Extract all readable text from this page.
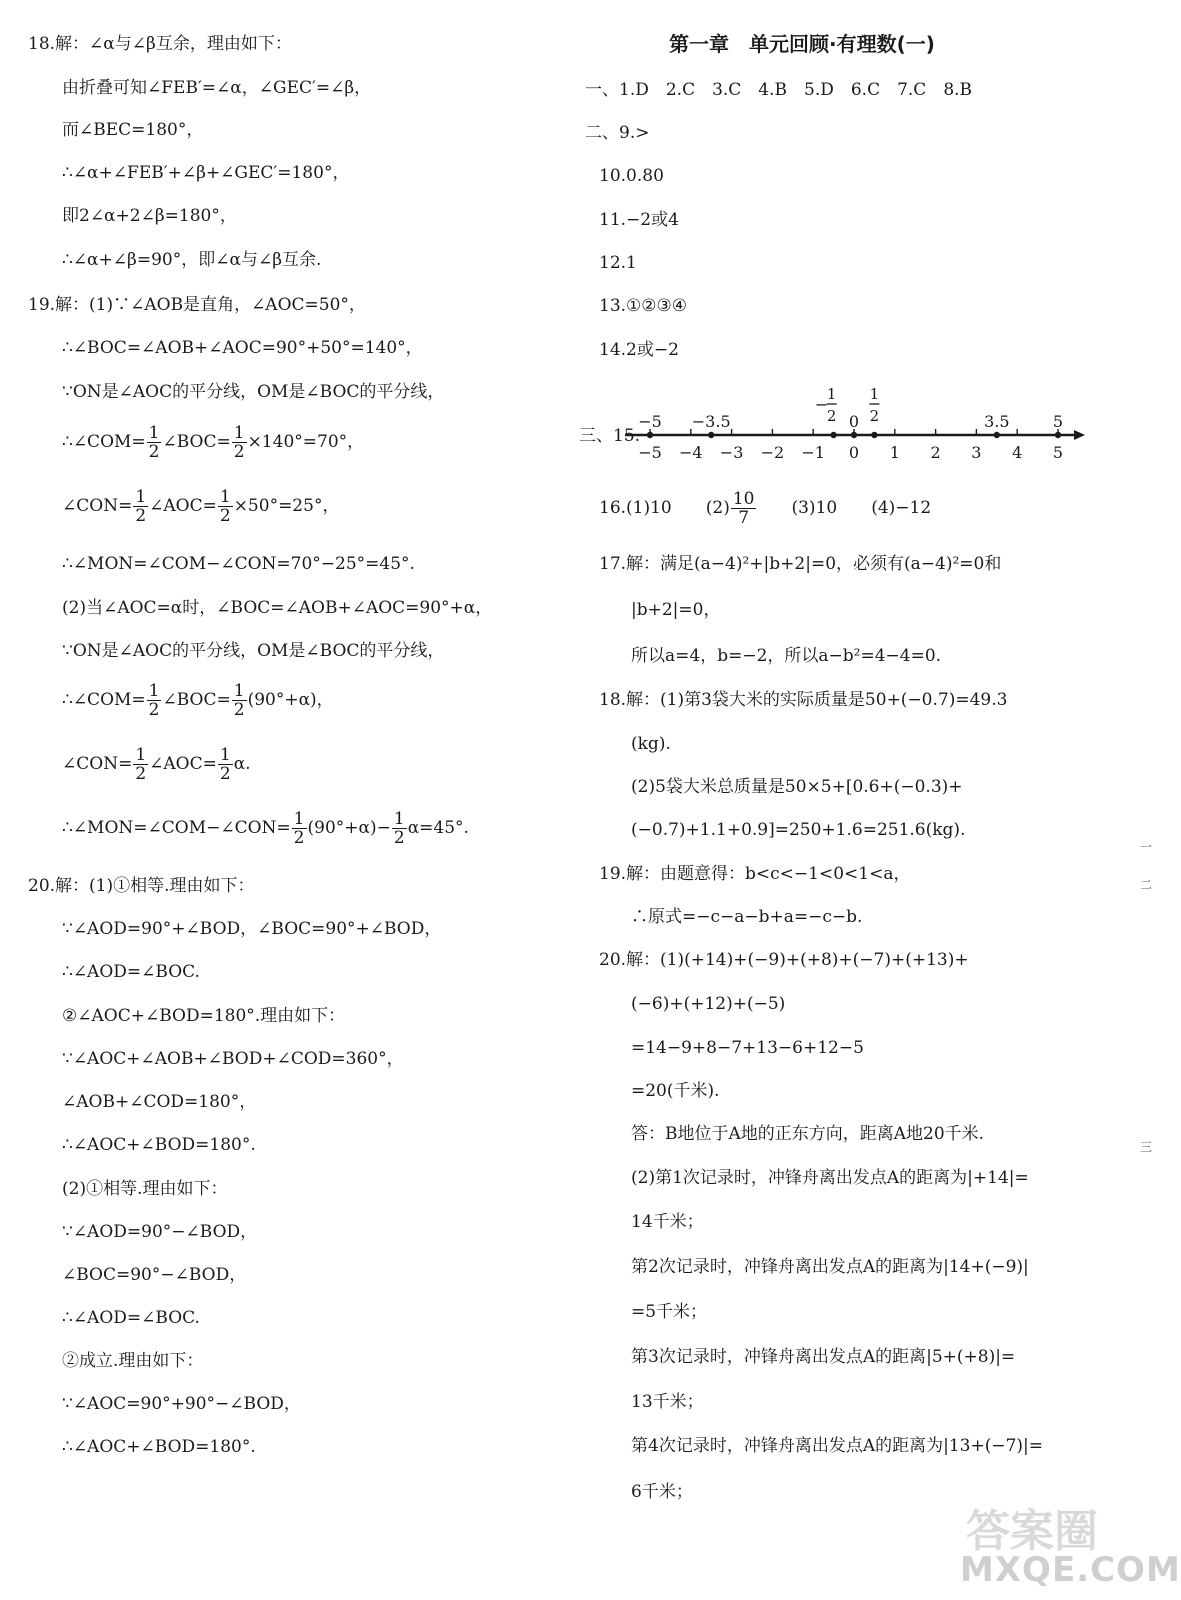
18.解：∠α与∠β互余，理由如下：
由折叠可知∠FEB′=∠α，∠GEC′=∠β，
而∠BEC=180°，
∴∠α+∠FEB′+∠β+∠GEC′=180°，
即2∠α+2∠β=180°，
∴∠α+∠β=90°，即∠α与∠β互余.
19.解：(1)∵∠AOB是直角，∠AOC=50°，
∴∠BOC=∠AOB+∠AOC=90°+50°=140°，
∵ON是∠AOC的平分线，OM是∠BOC的平分线，
∴∠COM= $\frac{1}{2}$ ∠BOC= $\frac{1}{2} \times 140^\circ=70^\circ$，
∠CON= $\frac{1}{2}$ ∠AOC= $\frac{1}{2} \times 50^\circ=25^\circ$，
∴∠MON=∠COM−∠CON=70°−25°=45°.
(2)当∠AOC=α时，∠BOC=∠AOB+∠AOC=90°+α，
∵ON是∠AOC的平分线，OM是∠BOC的平分线，
∴∠COM= $\frac{1}{2}$ ∠BOC= $\frac{1}{2} (90^\circ+\alpha)$，
∠CON= $\frac{1}{2}$ ∠AOC= $\frac{1}{2} \alpha$.
∴∠MON=∠COM−∠CON= $\frac{1}{2} (90^\circ+\alpha)- \frac{1}{2} \alpha=45^\circ$.
20.解：(1)①相等.理由如下：
∵∠AOD=90°+∠BOD，∠BOC=90°+∠BOD，
∴∠AOD=∠BOC.
②∠AOC+∠BOD=180°.理由如下：
∵∠AOC+∠AOB+∠BOD+∠COD=360°，
∠AOB+∠COD=180°，
∴∠AOC+∠BOD=180°.
(2)①相等.理由如下：
∵∠AOD=90°−∠BOD，
∠BOC=90°−∠BOD，
∴∠AOD=∠BOC.
②成立.理由如下：
∵∠AOC=90°+90°−∠BOD，
∴∠AOC+∠BOD=180°.
第一章　单元回顾·有理数(一)
一、1.D　2.C　3.C　4.B　5.D　6.C　7.C　8.B
二、9.>
10.0.80
11.−2或4
12.1
13.①②③④
14.2或−2
三、15.
−5 −4 −3 −2 −1 0 1 2 3 4 5
−5 −3.5
−
1
2 0
1
2	3.5	5
16.(1)10　　$(2) \frac{10}{7}$ 　　(3)10　　(4)−12
17.解：满足(a−4)²+|b+2|=0，必须有(a−4)²=0和
|b+2|=0，
所以a=4，b=−2，所以a−b²=4−4=0.
18.解：(1)第3袋大米的实际质量是50+(−0.7)=49.3
(kg).
(2)5袋大米总质量是50×5+[0.6+(−0.3)+
(−0.7)+1.1+0.9]=250+1.6=251.6(kg).
19.解：由题意得：b<c<−1<0<1<a，
∴原式=−c−a−b+a=−c−b.
20.解：(1)(+14)+(−9)+(+8)+(−7)+(+13)+
(−6)+(+12)+(−5)
=14−9+8−7+13−6+12−5
=20(千米).
答：B地位于A地的正东方向，距离A地20千米.
(2)第1次记录时，冲锋舟离出发点A的距离为|+14|=
14千米；
第2次记录时，冲锋舟离出发点A的距离为|14+(−9)|
=5千米；
第3次记录时，冲锋舟离出发点A的距离|5+(+8)|=
13千米；
第4次记录时，冲锋舟离出发点A的距离为|13+(−7)|=
6千米；
一
二
三
答案圈
MXQE.COM
